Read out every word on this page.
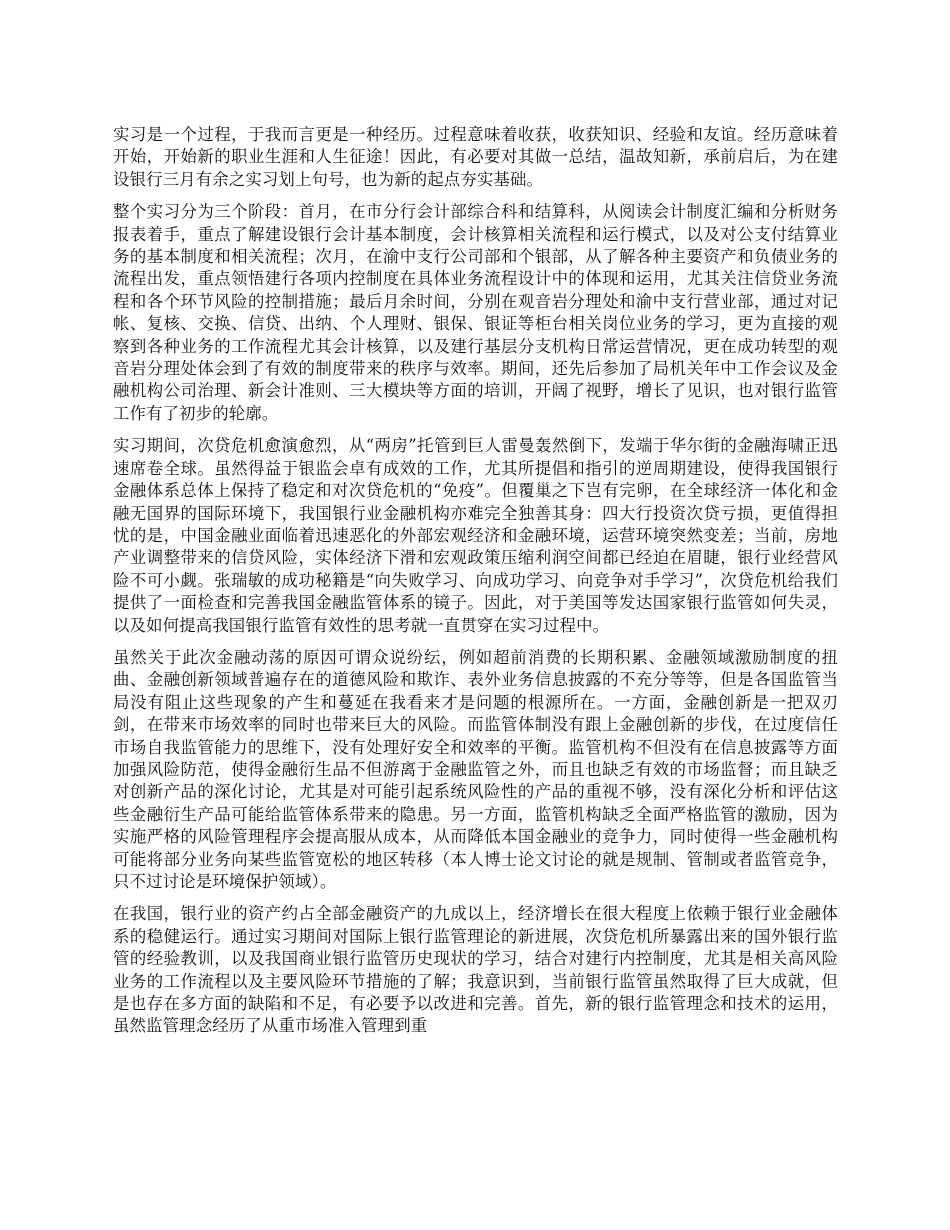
实习是一个过程，于我而言更是一种经历。过程意味着收获，收获知识、经验和友谊。经历意味着开始，开始新的职业生涯和人生征途！因此，有必要对其做一总结，温故知新，承前启后，为在建设银行三月有余之实习划上句号，也为新的起点夯实基础。

整个实习分为三个阶段：首月，在市分行会计部综合科和结算科，从阅读会计制度汇编和分析财务报表着手，重点了解建设银行会计基本制度，会计核算相关流程和运行模式，以及对公支付结算业务的基本制度和相关流程；次月，在渝中支行公司部和个银部，从了解各种主要资产和负债业务的流程出发，重点领悟建行各项内控制度在具体业务流程设计中的体现和运用，尤其关注信贷业务流程和各个环节风险的控制措施；最后月余时间，分别在观音岩分理处和渝中支行营业部，通过对记帐、复核、交换、信贷、出纳、个人理财、银保、银证等柜台相关岗位业务的学习，更为直接的观察到各种业务的工作流程尤其会计核算，以及建行基层分支机构日常运营情况，更在成功转型的观音岩分理处体会到了有效的制度带来的秩序与效率。期间，还先后参加了局机关年中工作会议及金融机构公司治理、新会计准则、三大模块等方面的培训，开阔了视野，增长了见识，也对银行监管工作有了初步的轮廓。

实习期间，次贷危机愈演愈烈，从“两房”托管到巨人雷曼轰然倒下，发端于华尔街的金融海啸正迅速席卷全球。虽然得益于银监会卓有成效的工作，尤其所提倡和指引的逆周期建设，使得我国银行金融体系总体上保持了稳定和对次贷危机的“免疫”。但覆巢之下岂有完卵，在全球经济一体化和金融无国界的国际环境下，我国银行业金融机构亦难完全独善其身：四大行投资次贷亏损，更值得担忧的是，中国金融业面临着迅速恶化的外部宏观经济和金融环境，运营环境突然变差；当前，房地产业调整带来的信贷风险，实体经济下滑和宏观政策压缩利润空间都已经迫在眉睫，银行业经营风险不可小觑。张瑞敏的成功秘籍是“向失败学习、向成功学习、向竞争对手学习”，次贷危机给我们提供了一面检查和完善我国金融监管体系的镜子。因此，对于美国等发达国家银行监管如何失灵，以及如何提高我国银行监管有效性的思考就一直贯穿在实习过程中。

虽然关于此次金融动荡的原因可谓众说纷纭，例如超前消费的长期积累、金融领域激励制度的扭曲、金融创新领域普遍存在的道德风险和欺诈、表外业务信息披露的不充分等等，但是各国监管当局没有阻止这些现象的产生和蔓延在我看来才是问题的根源所在。一方面，金融创新是一把双刃剑，在带来市场效率的同时也带来巨大的风险。而监管体制没有跟上金融创新的步伐，在过度信任市场自我监管能力的思维下，没有处理好安全和效率的平衡。监管机构不但没有在信息披露等方面加强风险防范，使得金融衍生品不但游离于金融监管之外，而且也缺乏有效的市场监督；而且缺乏对创新产品的深化讨论，尤其是对可能引起系统风险性的产品的重视不够，没有深化分析和评估这些金融衍生产品可能给监管体系带来的隐患。另一方面，监管机构缺乏全面严格监管的激励，因为实施严格的风险管理程序会提高服从成本，从而降低本国金融业的竞争力，同时使得一些金融机构可能将部分业务向某些监管宽松的地区转移（本人博士论文讨论的就是规制、管制或者监管竞争，只不过讨论是环境保护领域）。

在我国，银行业的资产约占全部金融资产的九成以上，经济增长在很大程度上依赖于银行业金融体系的稳健运行。通过实习期间对国际上银行监管理论的新进展，次贷危机所暴露出来的国外银行监管的经验教训，以及我国商业银行监管历史现状的学习，结合对建行内控制度，尤其是相关高风险业务的工作流程以及主要风险环节措施的了解；我意识到，当前银行监管虽然取得了巨大成就，但是也存在多方面的缺陷和不足，有必要予以改进和完善。首先，新的银行监管理念和技术的运用，虽然监管理念经历了从重市场准入管理到重
